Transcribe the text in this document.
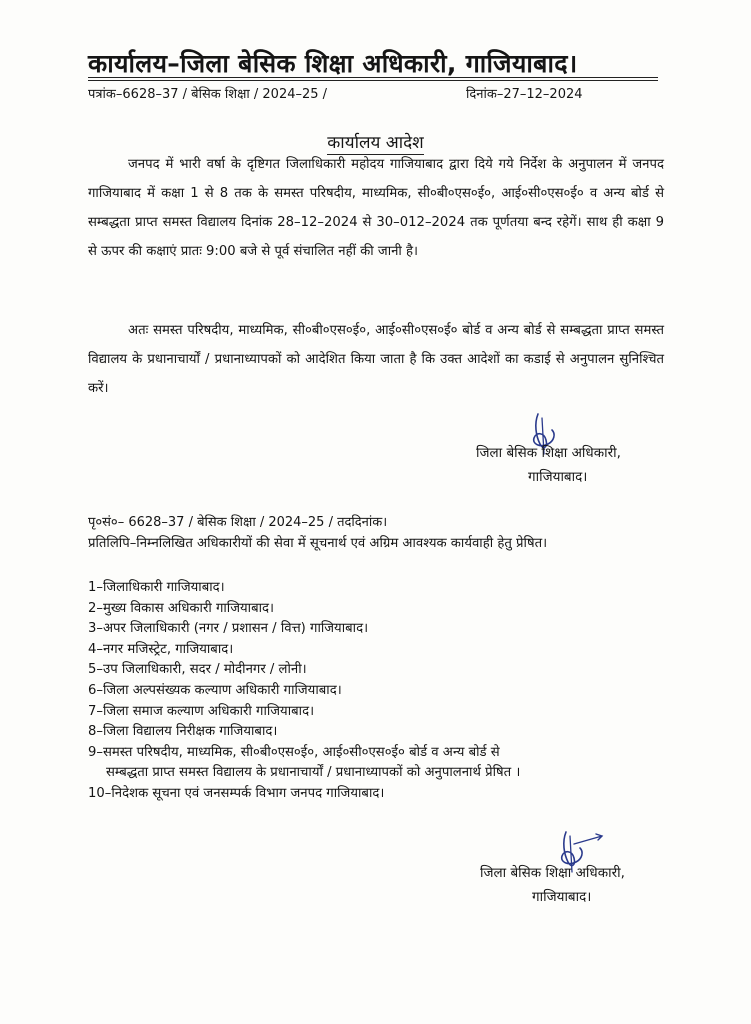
कार्यालय–जिला बेसिक शिक्षा अधिकारी, गाजियाबाद।
पत्रांक–6628–37 / बेसिक शिक्षा / 2024–25 /	दिनांक–27–12–2024
कार्यालय आदेश
जनपद में भारी वर्षा के दृष्टिगत जिलाधिकारी महोदय गाजियाबाद द्वारा दिये गये निर्देश के अनुपालन में जनपद गाजियाबाद में कक्षा 1 से 8 तक के समस्त परिषदीय, माध्यमिक, सी०बी०एस०ई०, आई०सी०एस०ई० व अन्य बोर्ड से सम्बद्धता प्राप्त समस्त विद्यालय दिनांक 28–12–2024 से 30–012–2024 तक पूर्णतया बन्द रहेगें। साथ ही कक्षा 9 से ऊपर की कक्षाएं प्रातः 9:00 बजे से पूर्व संचालित नहीं की जानी है।
अतः समस्त परिषदीय, माध्यमिक, सी०बी०एस०ई०, आई०सी०एस०ई० बोर्ड व अन्य बोर्ड से सम्बद्धता प्राप्त समस्त विद्यालय के प्रधानाचार्यों / प्रधानाध्यापकों को आदेशित किया जाता है कि उक्त आदेशों का कडाई से अनुपालन सुनिश्चित करें।
जिला बेसिक शिक्षा अधिकारी,
गाजियाबाद।
पृ०सं०– 6628–37 / बेसिक शिक्षा / 2024–25 / तददिनांक।
प्रतिलिपि–निम्नलिखित अधिकारीयों की सेवा में सूचनार्थ एवं अग्रिम आवश्यक कार्यवाही हेतु प्रेषित।
1–जिलाधिकारी गाजियाबाद।
2–मुख्य विकास अधिकारी गाजियाबाद।
3–अपर जिलाधिकारी (नगर / प्रशासन / वित्त) गाजियाबाद।
4–नगर मजिस्ट्रेट, गाजियाबाद।
5–उप जिलाधिकारी, सदर / मोदीनगर / लोनी।
6–जिला अल्पसंख्यक कल्याण अधिकारी गाजियाबाद।
7–जिला समाज कल्याण अधिकारी गाजियाबाद।
8–जिला विद्यालय निरीक्षक गाजियाबाद।
9–समस्त परिषदीय, माध्यमिक, सी०बी०एस०ई०, आई०सी०एस०ई० बोर्ड व अन्य बोर्ड से
सम्बद्धता प्राप्त समस्त विद्यालय के प्रधानाचार्यों / प्रधानाध्यापकों को अनुपालनार्थ प्रेषित ।
10–निदेशक सूचना एवं जनसम्पर्क विभाग जनपद गाजियाबाद।
जिला बेसिक शिक्षा अधिकारी,
गाजियाबाद।
